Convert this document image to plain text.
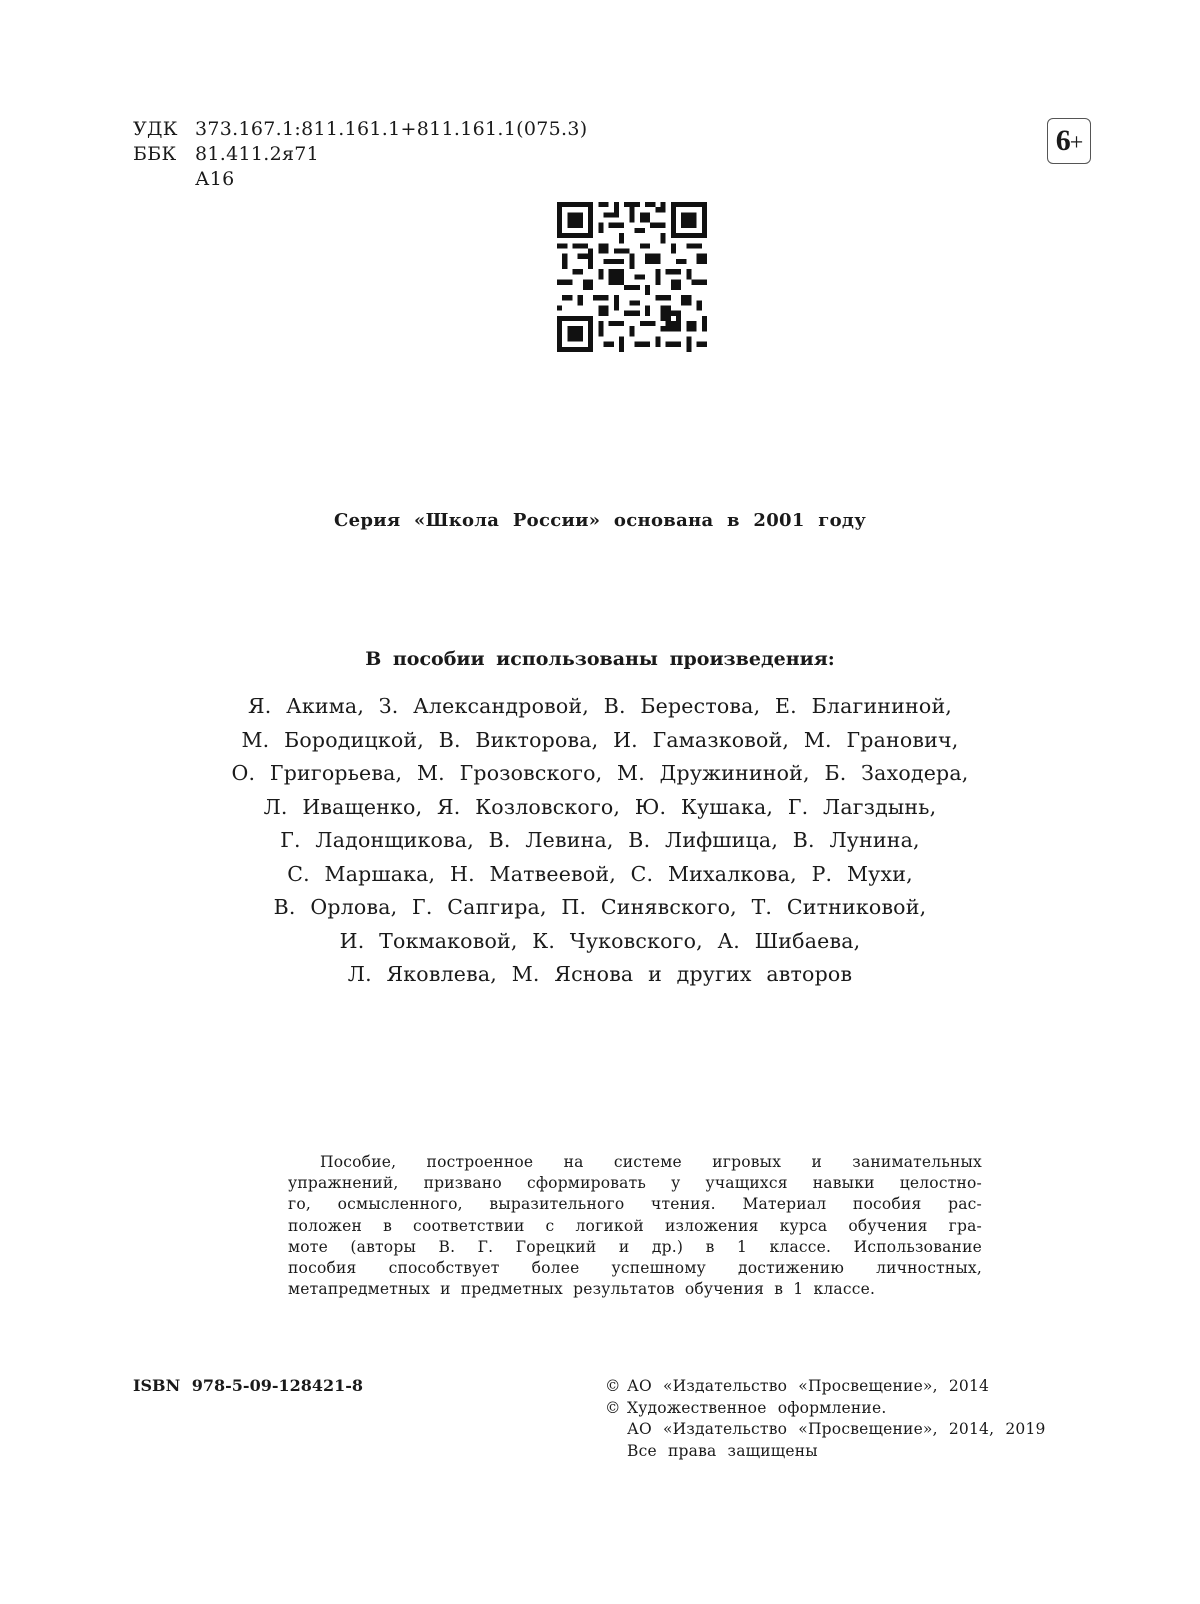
УДК 373.167.1:811.161.1+811.161.1(075.3)
ББК 81.411.2я71
А16
6+
Серия «Школа России» основана в 2001 году
В пособии использованы произведения:
Я. Акима, З. Александровой, В. Берестова, Е. Благининой,
М. Бородицкой, В. Викторова, И. Гамазковой, М. Гранович,
О. Григорьева, М. Грозовского, М. Дружининой, Б. Заходера,
Л. Иващенко, Я. Козловского, Ю. Кушака, Г. Лагздынь,
Г. Ладонщикова, В. Левина, В. Лифшица, В. Лунина,
С. Маршака, Н. Матвеевой, С. Михалкова, Р. Мухи,
В. Орлова, Г. Сапгира, П. Синявского, Т. Ситниковой,
И. Токмаковой, К. Чуковского, А. Шибаева,
Л. Яковлева, М. Яснова и других авторов
Пособие, построенное на системе игровых и занимательных
упражнений, призвано сформировать у учащихся навыки целостно-
го, осмысленного, выразительного чтения. Материал пособия рас-
положен в соответствии с логикой изложения курса обучения гра-
моте (авторы В. Г. Горецкий и др.) в 1 классе. Использование
пособия способствует более успешному достижению личностных,
метапредметных и предметных результатов обучения в 1 классе.
ISBN 978-5-09-128421-8	© АО «Издательство «Просвещение», 2014
© Художественное оформление.
АО «Издательство «Просвещение», 2014, 2019
Все права защищены
